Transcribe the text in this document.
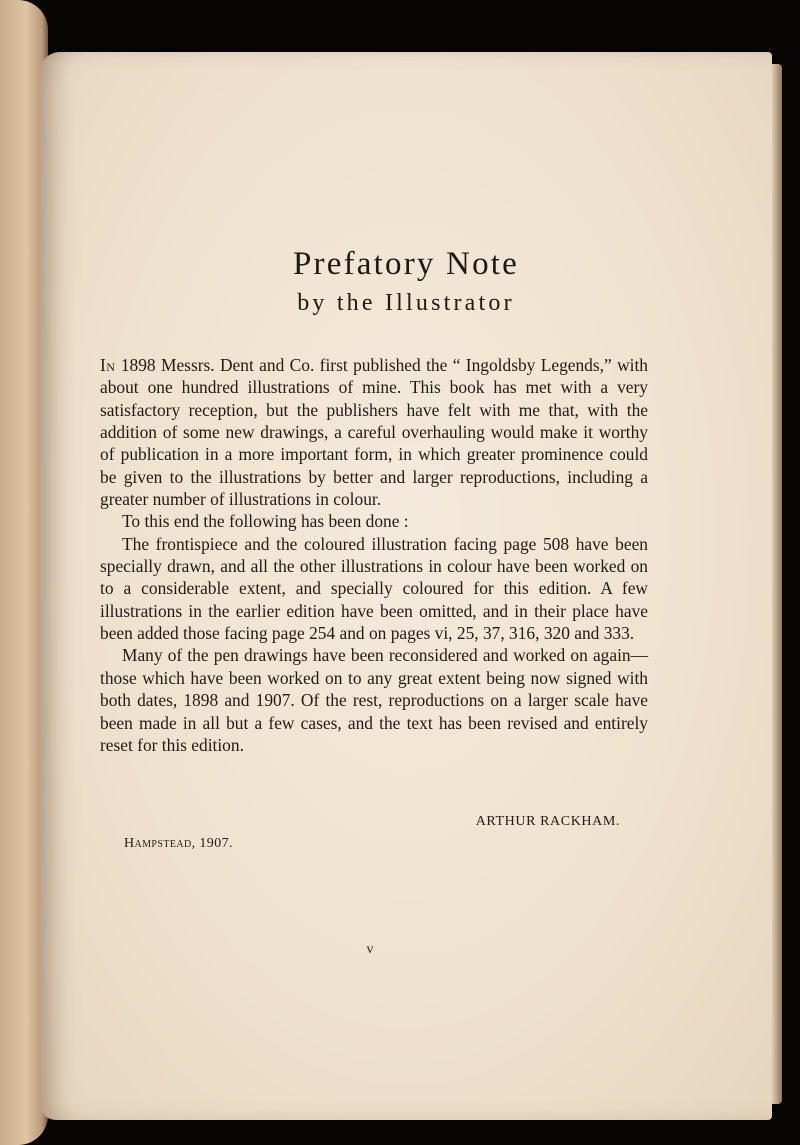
Prefatory Note
by the Illustrator

In 1898 Messrs. Dent and Co. first published the “ Ingoldsby Legends,” with about one hundred illustrations of mine. This book has met with a very satisfactory reception, but the publishers have felt with me that, with the addition of some new drawings, a careful overhauling would make it worthy of publication in a more important form, in which greater prominence could be given to the illustrations by better and larger reproductions, including a greater number of illustrations in colour.

To this end the following has been done :

The frontispiece and the coloured illustration facing page 508 have been specially drawn, and all the other illustrations in colour have been worked on to a considerable extent, and specially coloured for this edition. A few illustrations in the earlier edition have been omitted, and in their place have been added those facing page 254 and on pages vi, 25, 37, 316, 320 and 333.

Many of the pen drawings have been reconsidered and worked on again—those which have been worked on to any great extent being now signed with both dates, 1898 and 1907. Of the rest, reproductions on a larger scale have been made in all but a few cases, and the text has been revised and entirely reset for this edition.

ARTHUR RACKHAM.
Hampstead, 1907.
v
